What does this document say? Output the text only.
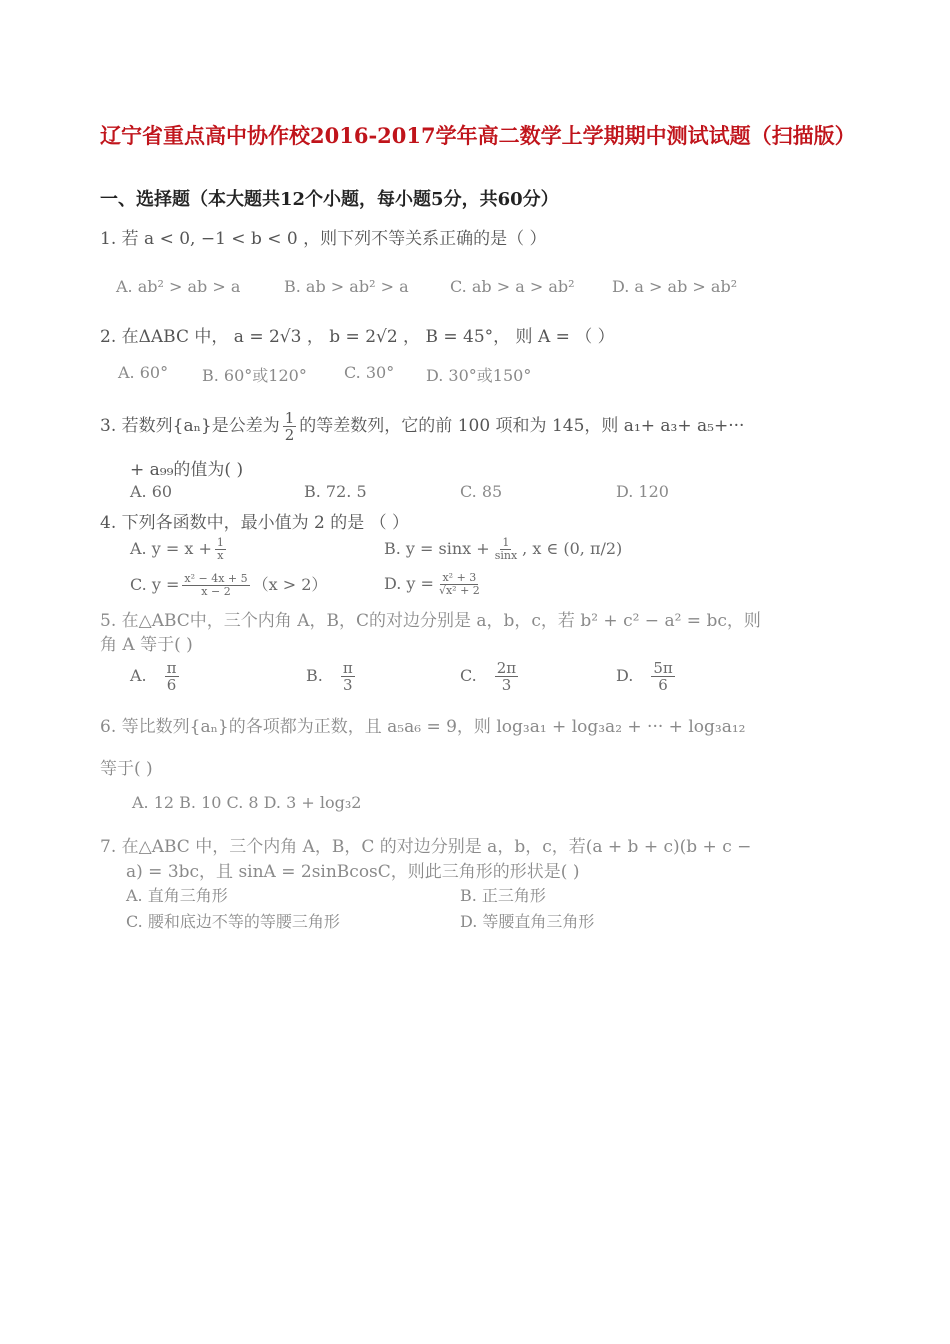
辽宁省重点高中协作校2016-2017学年高二数学上学期期中测试试题（扫描版）
一、选择题（本大题共12个小题，每小题5分，共60分）
1. 若 a < 0, −1 < b < 0 ，则下列不等关系正确的是（ ）
A. ab² > ab > a	B. ab > ab² > a	C. ab > a > ab² D. a > ab > ab²
2. 在ΔABC 中， a = 2√3 ， b = 2√2 ， B = 45°， 则 A = （ ）
A. 60° B. 60°或120° C. 30° D. 30°或150°
3. 若数列{aₙ}是公差为 $\frac{1}{2}$ 的等差数列，它的前 100 项和为 145，则 a₁+ a₃+ a₅+···
+ a₉₉的值为( )
A. 60	B. 72. 5	C. 85	D. 120
4. 下列各函数中，最小值为 2 的是 （ ）
A. $y = x + \frac{1}{x}$	B. $y = \sin x + \frac{1}{\sin x}$ , x ∈ (0, π/2)
C. $y = \frac{\text{x² − 4x + 5}}{x - 2} (x > 2)$	D. $y = \frac{\text{x² + 3}}{\text{√x² + 2}}$
5. 在△ABC中，三个内角 A，B，C的对边分别是 a，b，c，若 b² + c² − a² = bc，则
角 A 等于( )
A. $\frac{\pi}{6}$	B. $\frac{\pi}{3}$	C. $\frac{2\pi}{3}$	D. $\frac{5\pi}{6}$
6. 等比数列{aₙ}的各项都为正数，且 a₅a₆ = 9，则 log₃a₁ + log₃a₂ + ··· + log₃a₁₂
等于( )
A. 12 B. 10 C. 8 D. 3 + log₃2
7. 在△ABC 中，三个内角 A，B，C 的对边分别是 a，b，c，若(a + b + c)(b + c −
a) = 3bc，且 sinA = 2sinBcosC，则此三角形的形状是( )
A. 直角三角形	B. 正三角形
C. 腰和底边不等的等腰三角形	D. 等腰直角三角形
